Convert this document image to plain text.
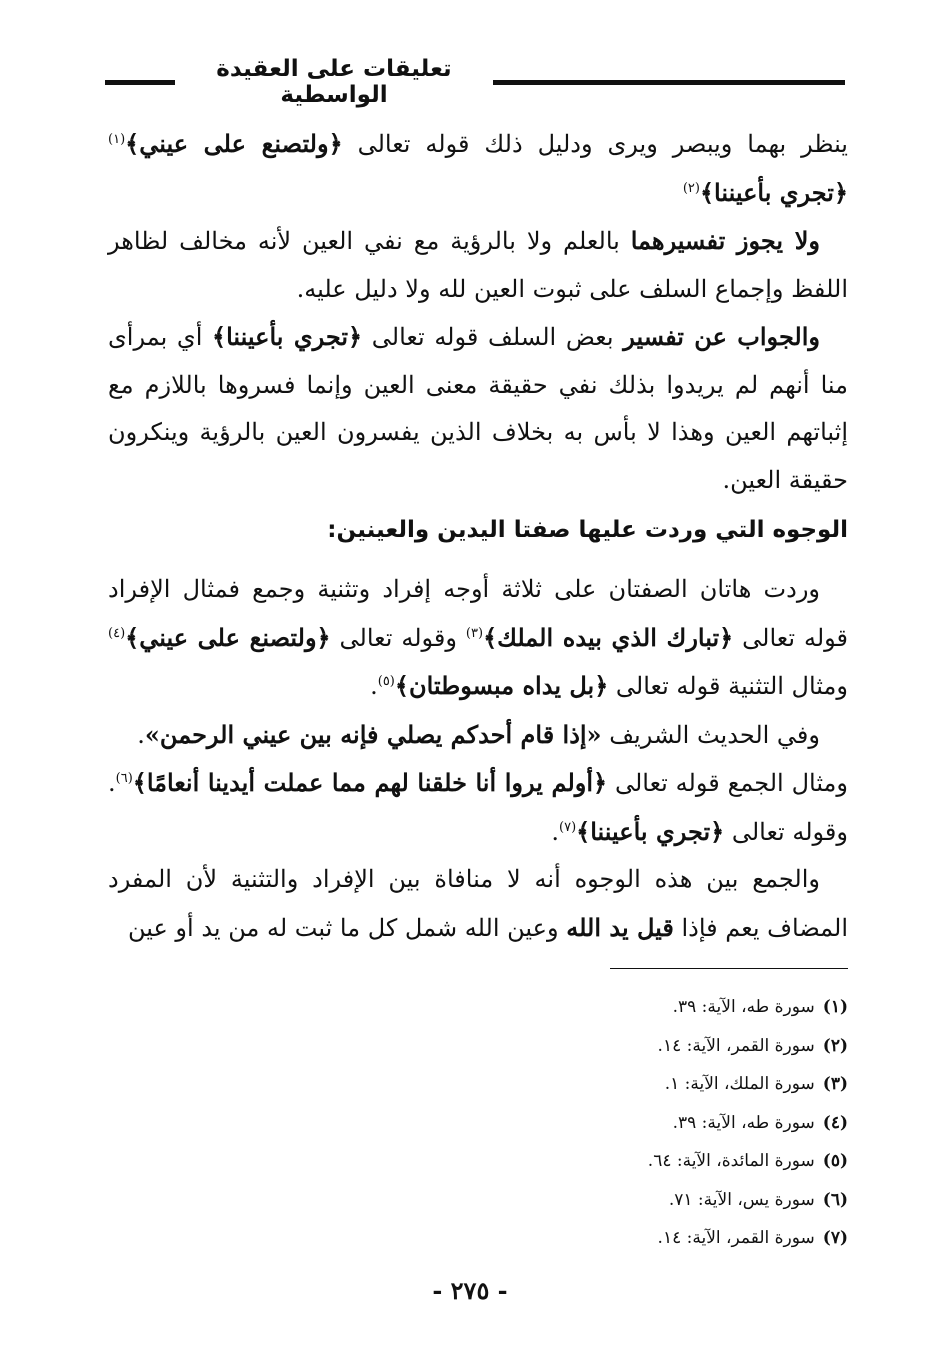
تعليقات على العقيدة الواسطية

ينظر بهما ويبصر ويرى ودليل ذلك قوله تعالى ﴿ولتصنع على عيني﴾$^{(١)}$ ﴿تجري بأعيننا﴾$^{(٢)}$

ولا يجوز تفسيرهما بالعلم ولا بالرؤية مع نفي العين لأنه مخالف لظاهر اللفظ وإجماع السلف على ثبوت العين لله ولا دليل عليه.

والجواب عن تفسير بعض السلف قوله تعالى ﴿تجري بأعيننا﴾ أي بمرأى منا أنهم لم يريدوا بذلك نفي حقيقة معنى العين وإنما فسروها باللازم مع إثباتهم العين وهذا لا بأس به بخلاف الذين يفسرون العين بالرؤية وينكرون حقيقة العين.

الوجوه التي وردت عليها صفتا اليدين والعينين:

وردت هاتان الصفتان على ثلاثة أوجه إفراد وتثنية وجمع فمثال الإفراد قوله تعالى ﴿تبارك الذي بيده الملك﴾$^{(٣)}$ وقوله تعالى ﴿ولتصنع على عيني﴾$^{(٤)}$ ومثال التثنية قوله تعالى ﴿بل يداه مبسوطتان﴾$^{(٥)}$.

وفي الحديث الشريف «إذا قام أحدكم يصلي فإنه بين عيني الرحمن».

ومثال الجمع قوله تعالى ﴿أولم يروا أنا خلقنا لهم مما عملت أيدينا أنعامًا﴾$^{(٦)}$. وقوله تعالى ﴿تجري بأعيننا﴾$^{(٧)}$.

والجمع بين هذه الوجوه أنه لا منافاة بين الإفراد والتثنية لأن المفرد المضاف يعم فإذا قيل يد الله وعين الله شمل كل ما ثبت له من يد أو عين

(١)سورة طه، الآية: ٣٩.
(٢)سورة القمر، الآية: ١٤.
(٣)سورة الملك، الآية: ١.
(٤)سورة طه، الآية: ٣٩.
(٥)سورة المائدة، الآية: ٦٤.
(٦)سورة يس، الآية: ٧١.
(٧)سورة القمر، الآية: ١٤.
- ٢٧٥ -
